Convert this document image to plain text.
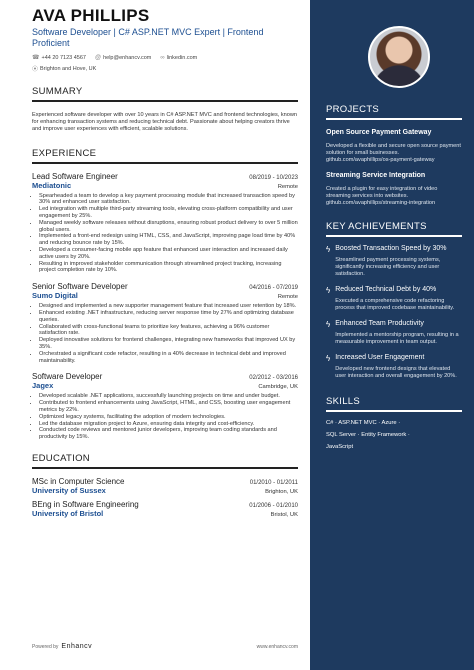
AVA PHILLIPS
Software Developer | C# ASP.NET MVC Expert | Frontend Proficient
☎ +44 20 7123 4567 @ help@enhancv.com ∞ linkedin.com
⦿ Brighton and Hove, UK
SUMMARY
Experienced software developer with over 10 years in C# ASP.NET MVC and frontend technologies, known for enhancing transaction systems and reducing technical debt. Passionate about helping creators thrive and improve user experiences with efficient, scalable solutions.
EXPERIENCE
Lead Software Engineer	08/2019 - 10/2023
Mediatonic	Remote
• Spearheaded a team to develop a key payment processing module that increased transaction speed by 30% and enhanced user satisfaction.
• Led integration with multiple third-party streaming tools, elevating cross-platform compatibility and user engagement by 25%.
• Managed weekly software releases without disruptions, ensuring robust product delivery to over 5 million global users.
• Implemented a front-end redesign using HTML, CSS, and JavaScript, improving page load time by 40% and reducing bounce rate by 15%.
• Developed a consumer-facing mobile app feature that enhanced user interaction and increased daily active users by 20%.
• Resulting in improved stakeholder communication through streamlined project tracking, increasing project completion rate by 10%.
Senior Software Developer	04/2016 - 07/2019
Sumo Digital	Remote
• Designed and implemented a new supporter management feature that increased user retention by 18%.
• Enhanced existing .NET infrastructure, reducing server response time by 27% and optimizing database queries.
• Collaborated with cross-functional teams to prioritize key features, achieving a 96% customer satisfaction rate.
• Deployed innovative solutions for frontend challenges, integrating new frameworks that improved UX by 35%.
• Orchestrated a significant code refactor, resulting in a 40% decrease in technical debt and improved maintainability.
Software Developer	02/2012 - 03/2016
Jagex	Cambridge, UK
• Developed scalable .NET applications, successfully launching projects on time and under budget.
• Contributed to frontend enhancements using JavaScript, HTML, and CSS, boosting user engagement metrics by 22%.
• Optimized legacy systems, facilitating the adoption of modern technologies.
• Led the database migration project to Azure, ensuring data integrity and cost-efficiency.
• Conducted code reviews and mentored junior developers, improving team coding standards and productivity by 15%.
EDUCATION
MSc in Computer Science	01/2010 - 01/2011
University of Sussex	Brighton, UK
BEng in Software Engineering	01/2006 - 01/2010
University of Bristol	Bristol, UK
Powered by Enhancv	www.enhancv.com
PROJECTS
Open Source Payment Gateway
Developed a flexible and secure open source payment solution for small businesses. github.com/avaphillips/os-payment-gateway
Streaming Service Integration
Created a plugin for easy integration of video streaming services into websites. github.com/avaphillips/streaming-integration
KEY ACHIEVEMENTS
ϟ Boosted Transaction Speed by 30%
Streamlined payment processing systems, significantly increasing efficiency and user satisfaction.
ϟ Reduced Technical Debt by 40%
Executed a comprehensive code refactoring process that improved codebase maintainability.
ϟ Enhanced Team Productivity
Implemented a mentorship program, resulting in a measurable improvement in team output.
ϟ Increased User Engagement
Developed new frontend designs that elevated user interaction and overall engagement by 20%.
SKILLS
C# · ASP.NET MVC · Azure ·
SQL Server · Entity Framework ·
JavaScript
